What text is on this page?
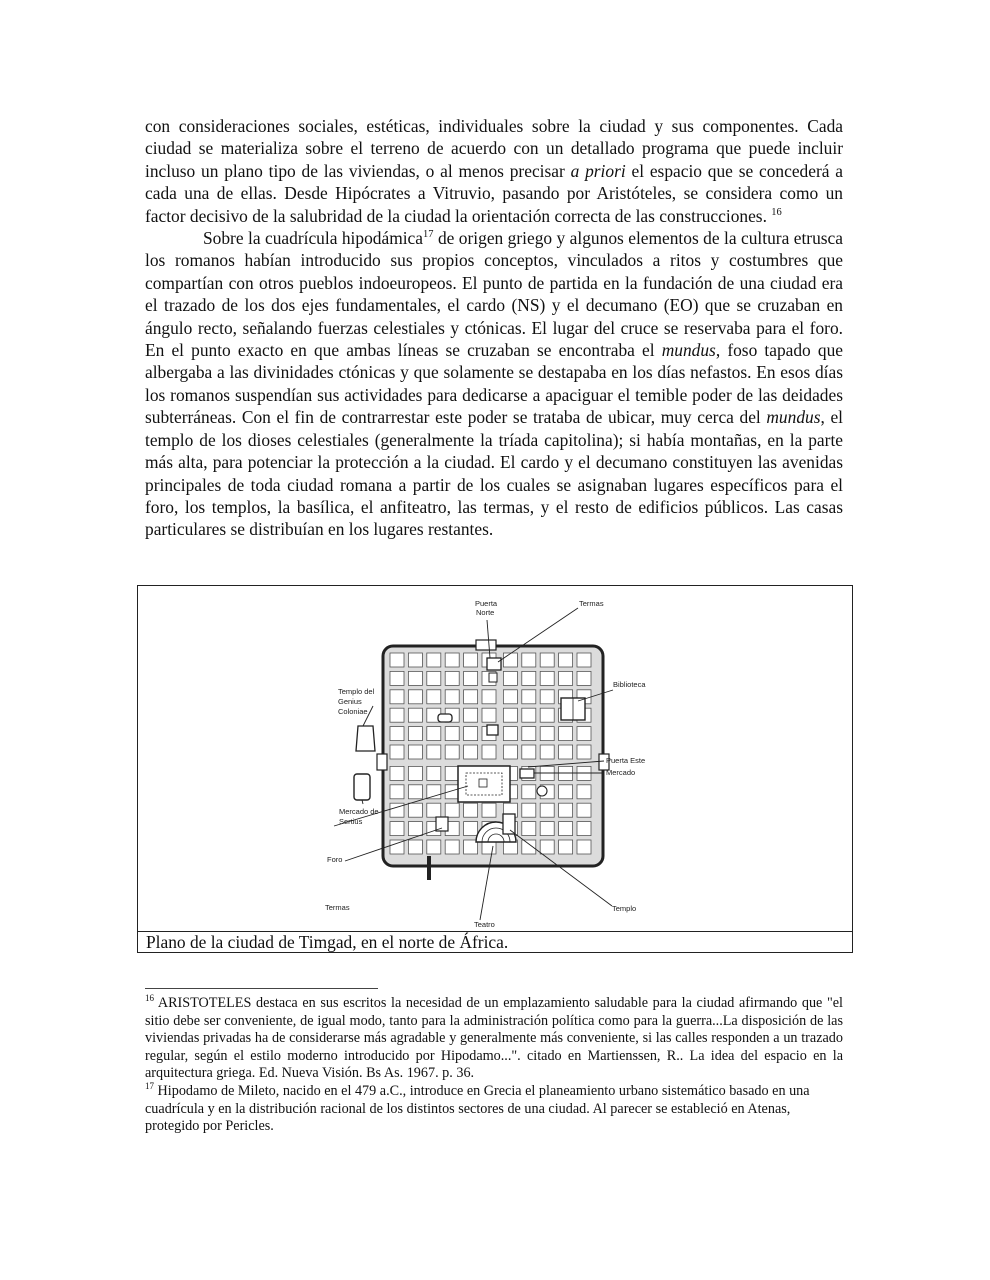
con consideraciones sociales, estéticas, individuales sobre la ciudad y sus componentes. Cada ciudad se materializa sobre el terreno de acuerdo con un detallado programa que puede incluir incluso un plano tipo de las viviendas, o al menos precisar a priori el espacio que se concederá a cada una de ellas. Desde Hipócrates a Vitruvio, pasando por Aristóteles, se considera como un factor decisivo de la salubridad de la ciudad la orientación correcta de las construcciones. $^{16}$

Sobre la cuadrícula hipodámica$^{17}$ de origen griego y algunos elementos de la cultura etrusca los romanos habían introducido sus propios conceptos, vinculados a ritos y costumbres que compartían con otros pueblos indoeuropeos. El punto de partida en la fundación de una ciudad era el trazado de los dos ejes fundamentales, el cardo (NS) y el decumano (EO) que se cruzaban en ángulo recto, señalando fuerzas celestiales y ctónicas. El lugar del cruce se reservaba para el foro. En el punto exacto en que ambas líneas se cruzaban se encontraba el mundus, foso tapado que albergaba a las divinidades ctónicas y que solamente se destapaba en los días nefastos. En esos días los romanos suspendían sus actividades para dedicarse a apaciguar el temible poder de las deidades subterráneas. Con el fin de contrarrestar este poder se trataba de ubicar, muy cerca del mundus, el templo de los dioses celestiales (generalmente la tríada capitolina); si había montañas, en la parte más alta, para potenciar la protección a la ciudad. El cardo y el decumano constituyen las avenidas principales de toda ciudad romana a partir de los cuales se asignaban lugares específicos para el foro, los templos, la basílica, el anfiteatro, las termas, y el resto de edificios públicos. Las casas particulares se distribuían en los lugares restantes.

Puerta
Norte
Termas
Biblioteca
Templo del
Genius
Coloniae
Puerta Este
Mercado
Mercado de
Sertius
Foro
Termas
Teatro
Templo
Plano de la ciudad de Timgad, en el norte de África.

$^{16}$ ARISTOTELES destaca en sus escritos la necesidad de un emplazamiento saludable para la ciudad afirmando que "el sitio debe ser conveniente, de igual modo, tanto para la administración política como para la guerra...La disposición de las viviendas privadas ha de considerarse más agradable y generalmente más conveniente, si las calles responden a un trazado regular, según el estilo moderno introducido por Hipodamo...". citado en Martienssen, R.. La idea del espacio en la arquitectura griega. Ed. Nueva Visión. Bs As. 1967. p. 36.

$^{17}$ Hipodamo de Mileto, nacido en el 479 a.C., introduce en Grecia el planeamiento urbano sistemático basado en una cuadrícula y en la distribución racional de los distintos sectores de una ciudad. Al parecer se estableció en Atenas, protegido por Pericles.
